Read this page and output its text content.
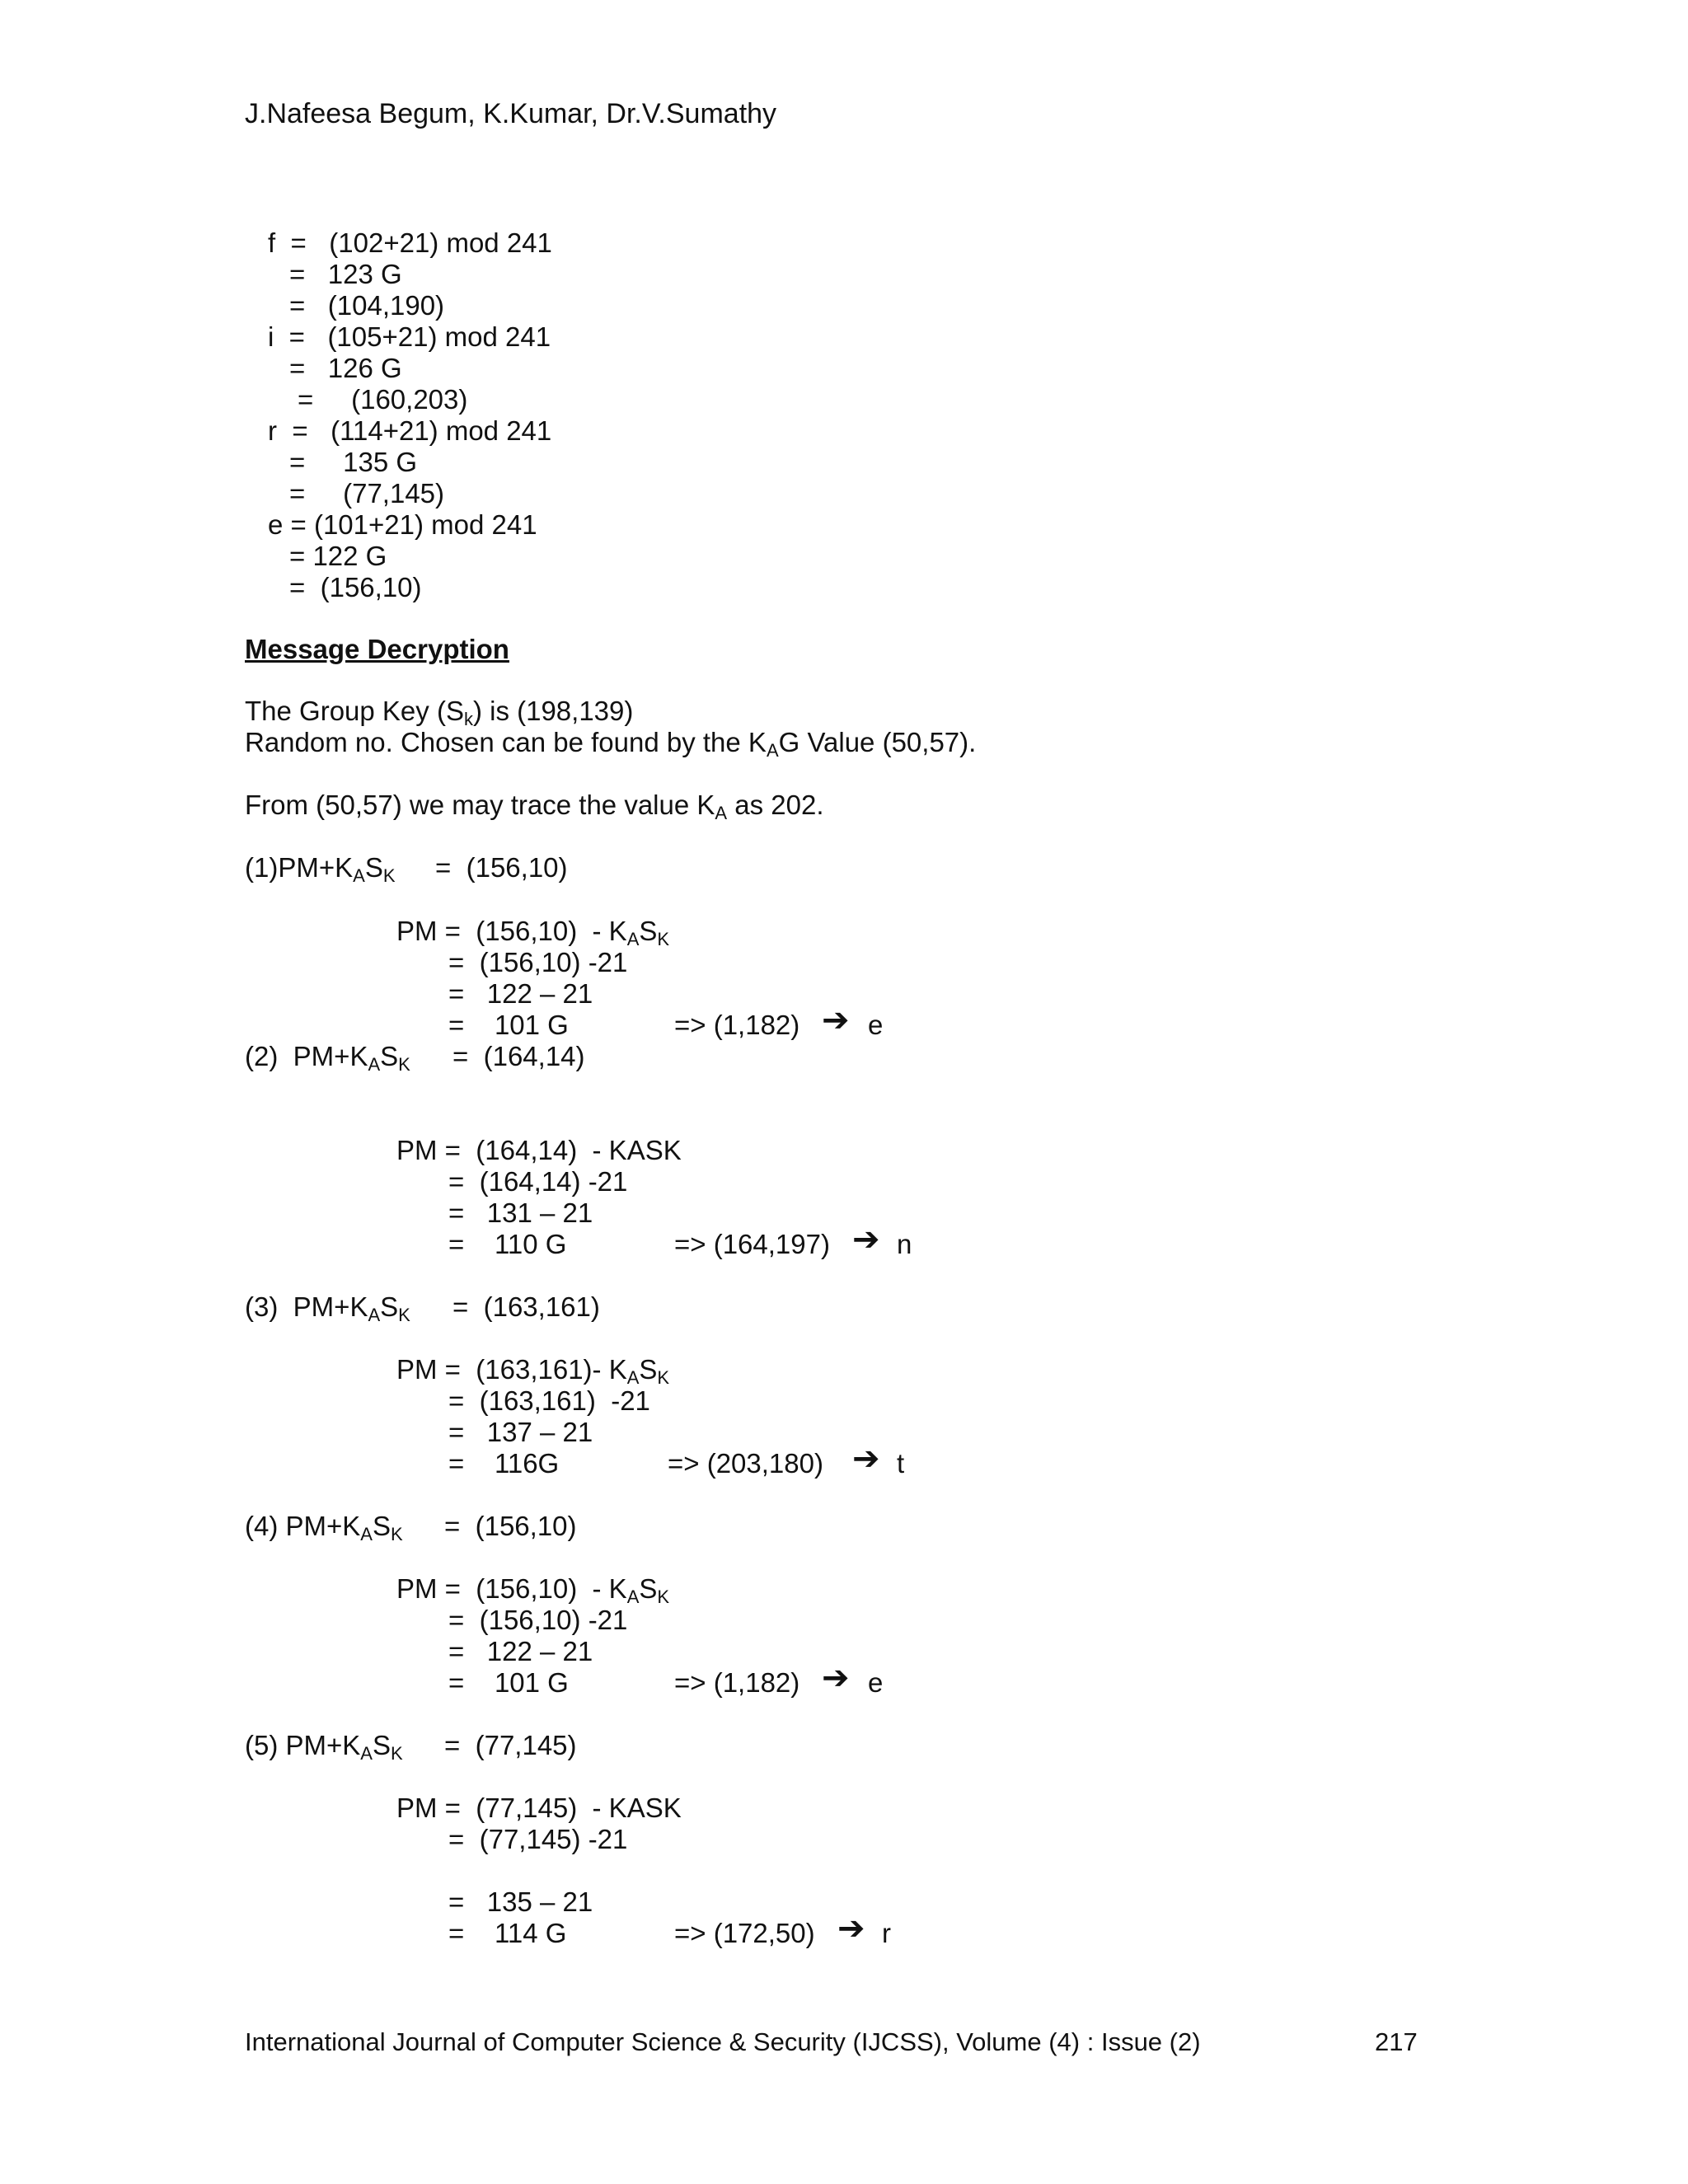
J.Nafeesa Begum, K.Kumar, Dr.V.Sumathy
f  =   (102+21) mod 241
=   123 G
=   (104,190)
i  =   (105+21) mod 241
=   126 G
=     (160,203)
r  =   (114+21) mod 241
=     135 G
=     (77,145)
e = (101+21) mod 241
= 122 G
=  (156,10)
Message Decryption
The Group Key $(S_k)$ is (198,139)
Random no. Chosen can be found by the $K_AG$ Value (50,57).
From (50,57) we may trace the value $K_A$ as 202.
$(1)PM+K_AS_K = (156,10)$
PM =  $(156,10) - K_AS_K$
=  (156,10) -21
=   122 – 21
=    101 G	=> (1,182) ➔ e
(2)  $PM+K_AS_K = (164,14)$
PM =  (164,14)  - KASK
=  (164,14) -21
=   131 – 21
=    110 G	=> (164,197) ➔ n
(3)  $PM+K_AS_K = (163,161)$
PM =  (163,161)- $K_AS_K$
=  (163,161)  -21
=   137 – 21
=    116G	=> (203,180) ➔ t
(4) $PM+K_AS_K = (156,10)$
PM =  $(156,10) - K_AS_K$
=  (156,10) -21
=   122 – 21
=    101 G	=> (1,182) ➔ e
(5) $PM+K_AS_K = (77,145)$
PM =  (77,145)  - KASK
=  (77,145) -21
=   135 – 21
=    114 G	=> (172,50) ➔ r
International Journal of Computer Science & Security (IJCSS), Volume (4) : Issue (2)	217
